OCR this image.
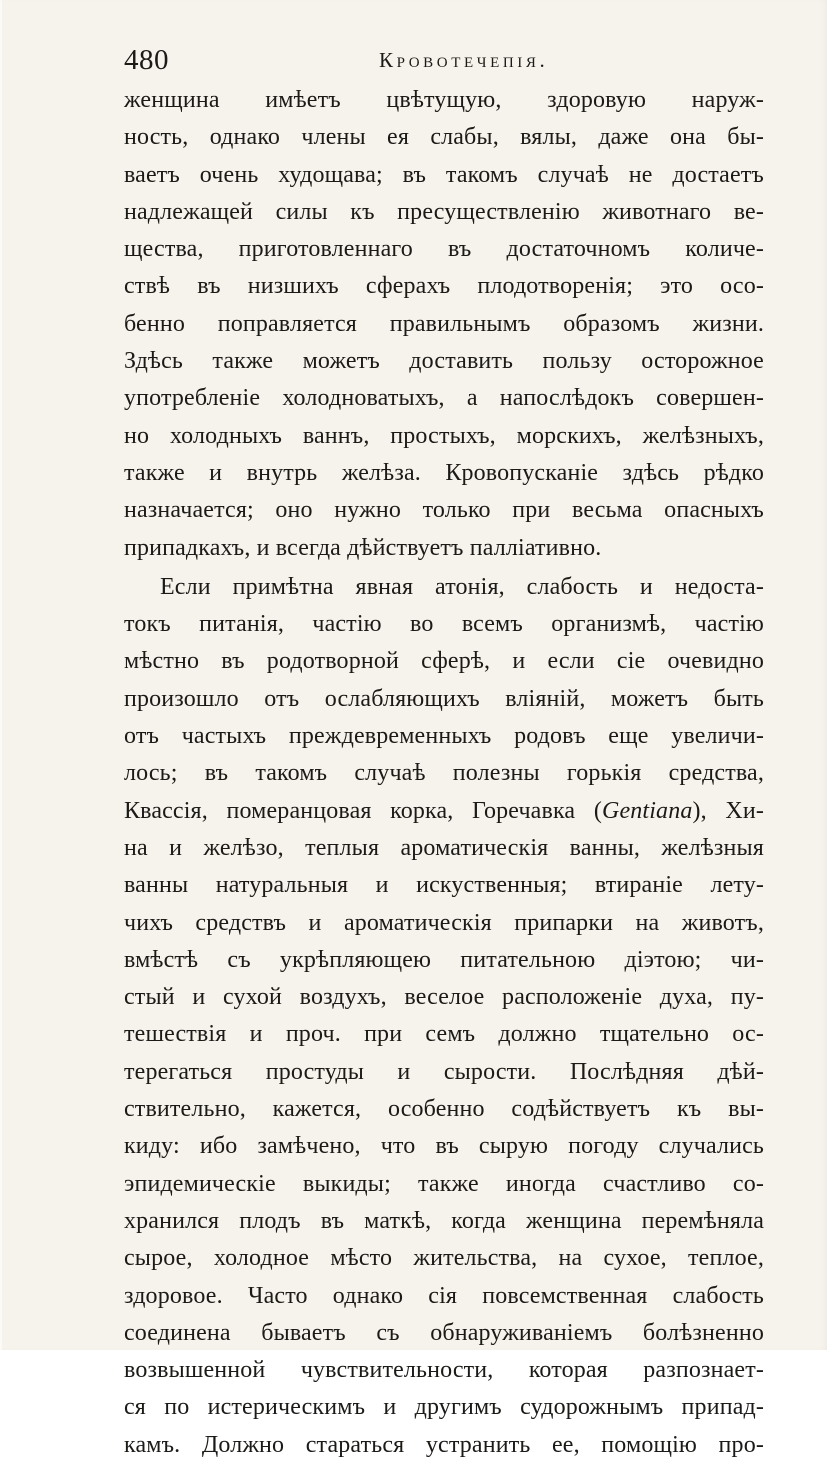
480	Кровотечепія.
женщина имѣетъ цвѣтущую, здоровую наруж-
ность, однако члены ея слабы, вялы, даже она бы-
ваетъ очень худощава; въ такомъ случаѣ не достаетъ
надлежащей силы къ пресуществленію животнаго ве-
щества, приготовленнаго въ достаточномъ количе-
ствѣ въ низшихъ сферахъ плодотворенія; это осо-
бенно поправляется правильнымъ образомъ жизни.
Здѣсь также можетъ доставить пользу осторожное
употребленіе холодноватыхъ, а напослѣдокъ совершен-
но холодныхъ ваннъ, простыхъ, морскихъ, желѣзныхъ,
также и внутрь желѣза. Кровопусканіе здѣсь рѣдко
назначается; оно нужно только при весьма опасныхъ
припадкахъ, и всегда дѣйствуетъ палліативно.
Если примѣтна явная атонія, слабость и недоста-
токъ питанія, частію во всемъ организмѣ, частію
мѣстно въ родотворной сферѣ, и если сіе очевидно
произошло отъ ослабляющихъ вліяній, можетъ быть
отъ частыхъ преждевременныхъ родовъ еще увеличи-
лось; въ такомъ случаѣ полезны горькія средства,
Квассія, померанцовая корка, Горечавка (Gentiana), Хи-
на и желѣзо, теплыя ароматическія ванны, желѣзныя
ванны натуральныя и искуственныя; втираніе лету-
чихъ средствъ и ароматическія припарки на животъ,
вмѣстѣ съ укрѣпляющею питательною діэтою; чи-
стый и сухой воздухъ, веселое расположеніе духа, пу-
тешествія и проч. при семъ должно тщательно ос-
терегаться простуды и сырости. Послѣдняя дѣй-
ствительно, кажется, особенно содѣйствуетъ къ вы-
киду: ибо замѣчено, что въ сырую погоду случались
эпидемическіе выкиды; также иногда счастливо со-
хранился плодъ въ маткѣ, когда женщина перемѣняла
сырое, холодное мѣсто жительства, на сухое, теплое,
здоровое. Часто однако сія повсемственная слабость
соединена бываетъ съ обнаруживаніемъ болѣзненно
возвышенной чувствительности, которая разпознает-
ся по истерическимъ и другимъ судорожнымъ припад-
камъ. Должно стараться устранить ее, помощію про-
